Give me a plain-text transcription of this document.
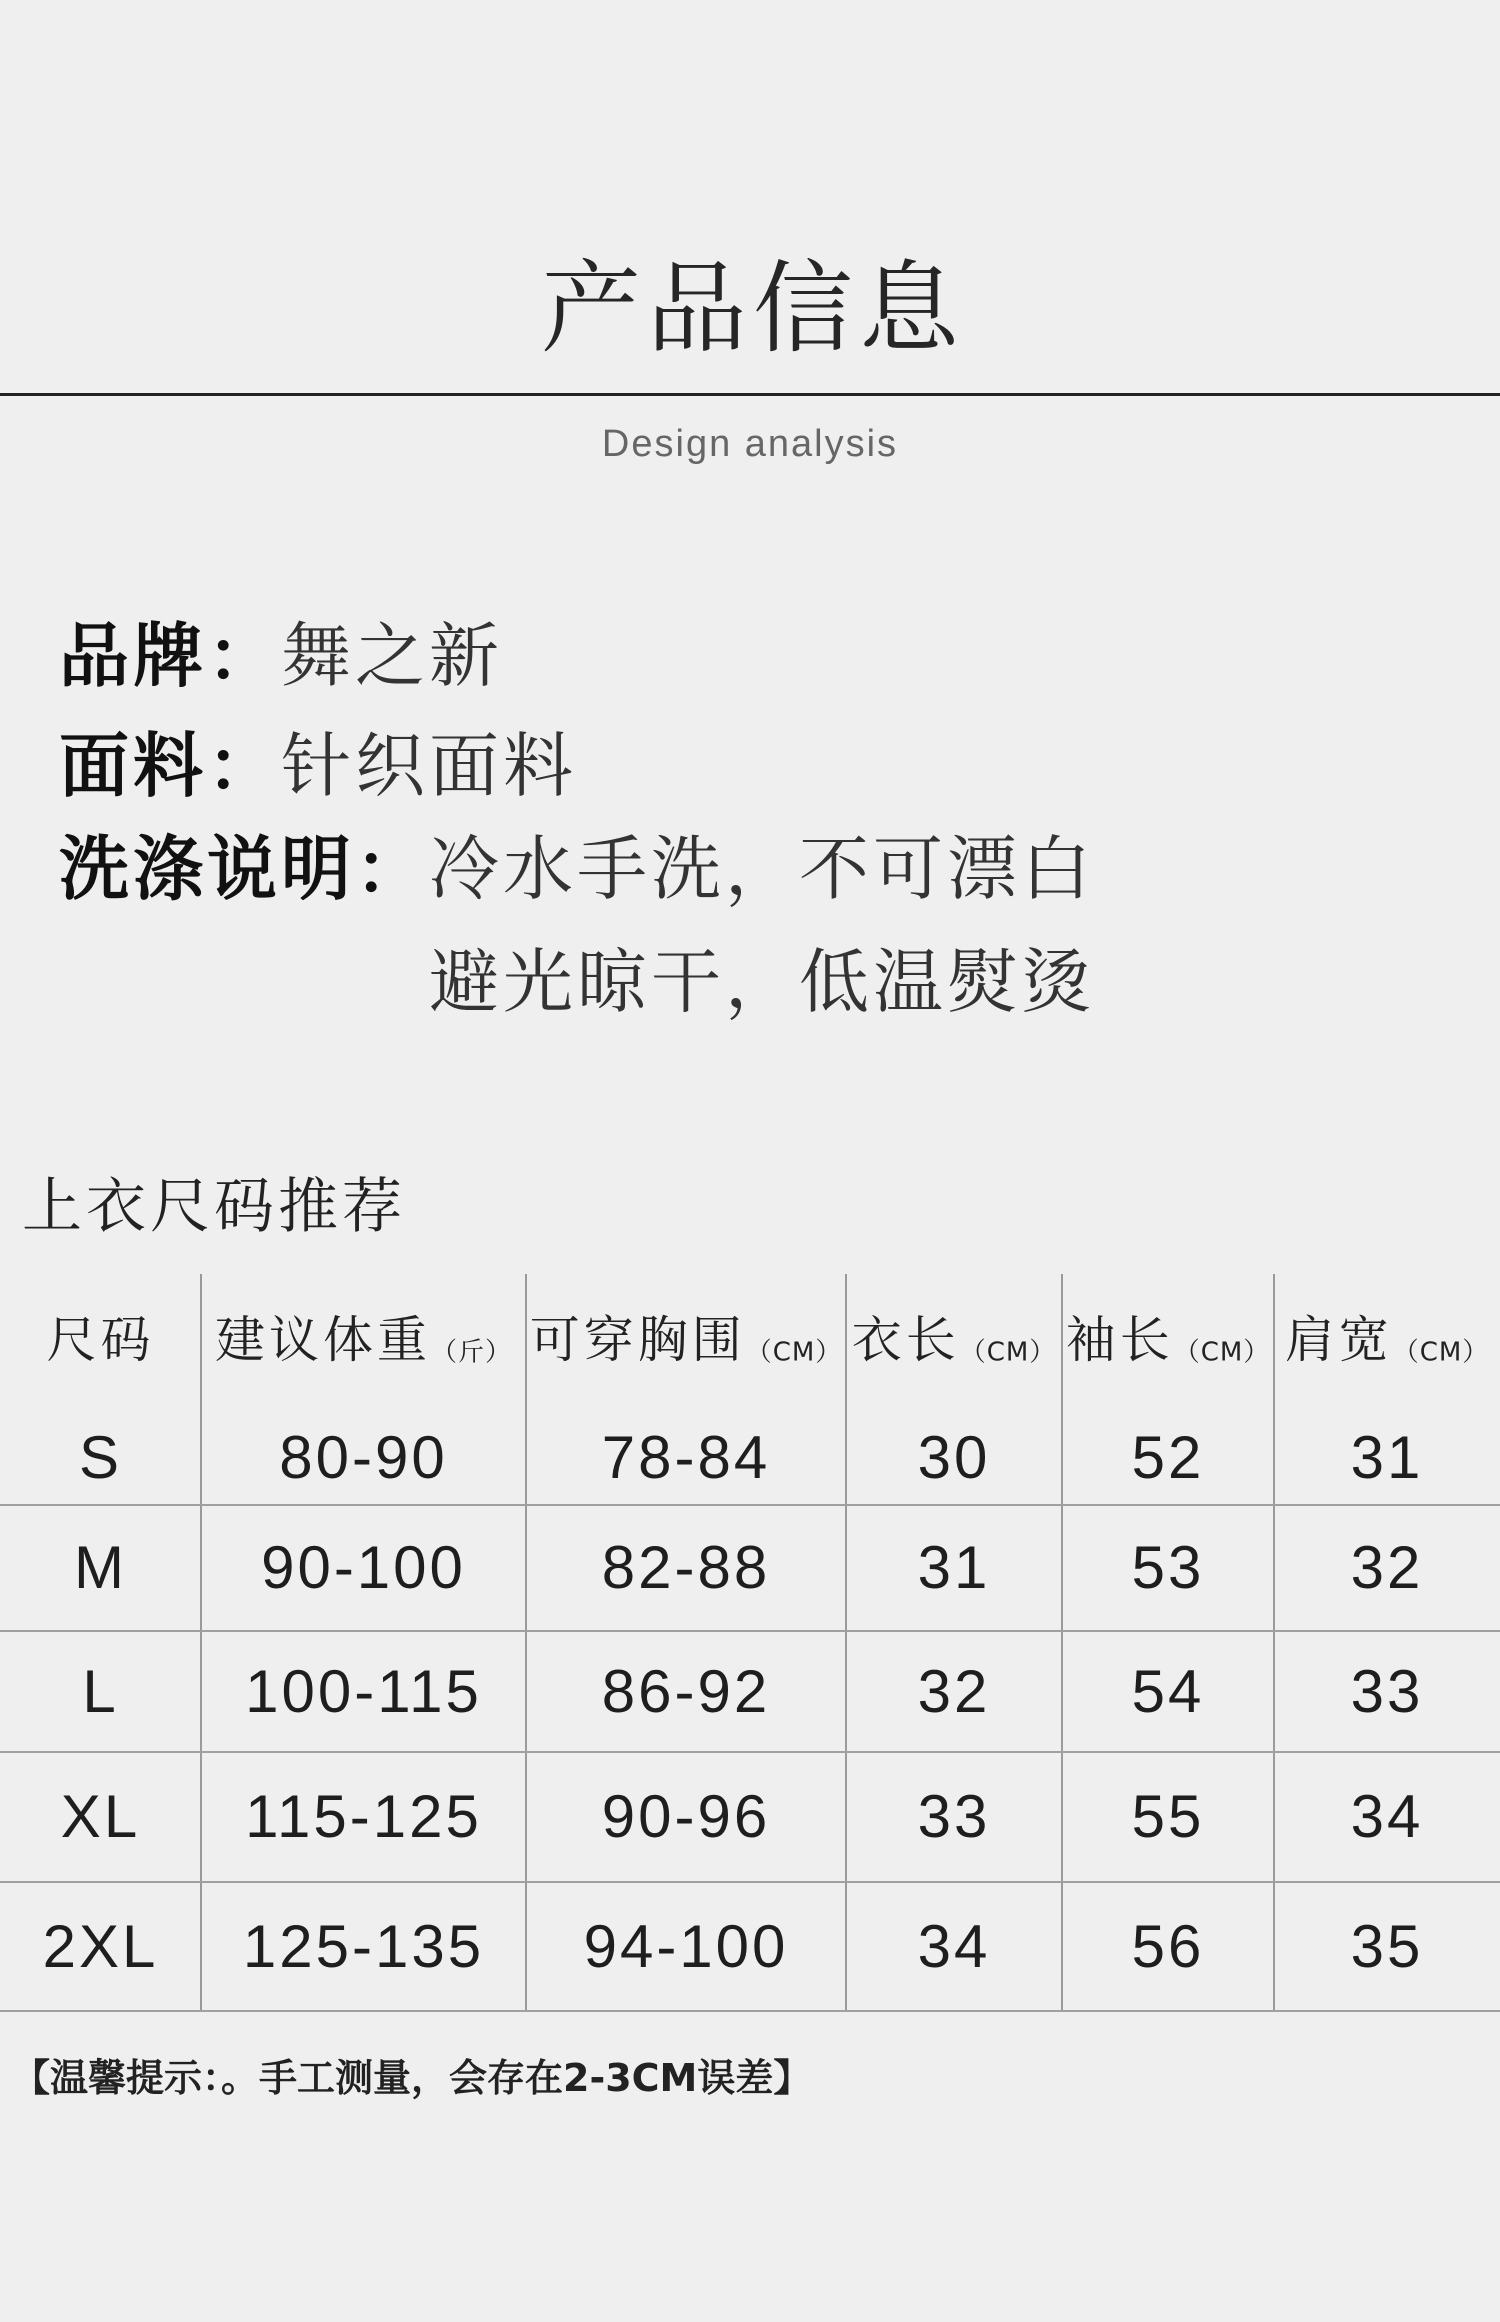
产品信息
Design analysis
品牌：舞之新
面料：针织面料
洗涤说明：冷水手洗，不可漂白
避光晾干，低温熨烫
上衣尺码推荐
尺码	建议体重（斤） 可穿胸围（CM） 衣长（CM） 袖长（CM） 肩宽（CM）
S	80-90	78-84	30	52	31
M	90-100	82-88	31	53	32
L	100-115	86-92	32	54	33
XL	115-125	90-96	33	55	34
2XL	125-135	94-100	34	56	35
【温馨提示：。手工测量，会存在2-3CM误差】
